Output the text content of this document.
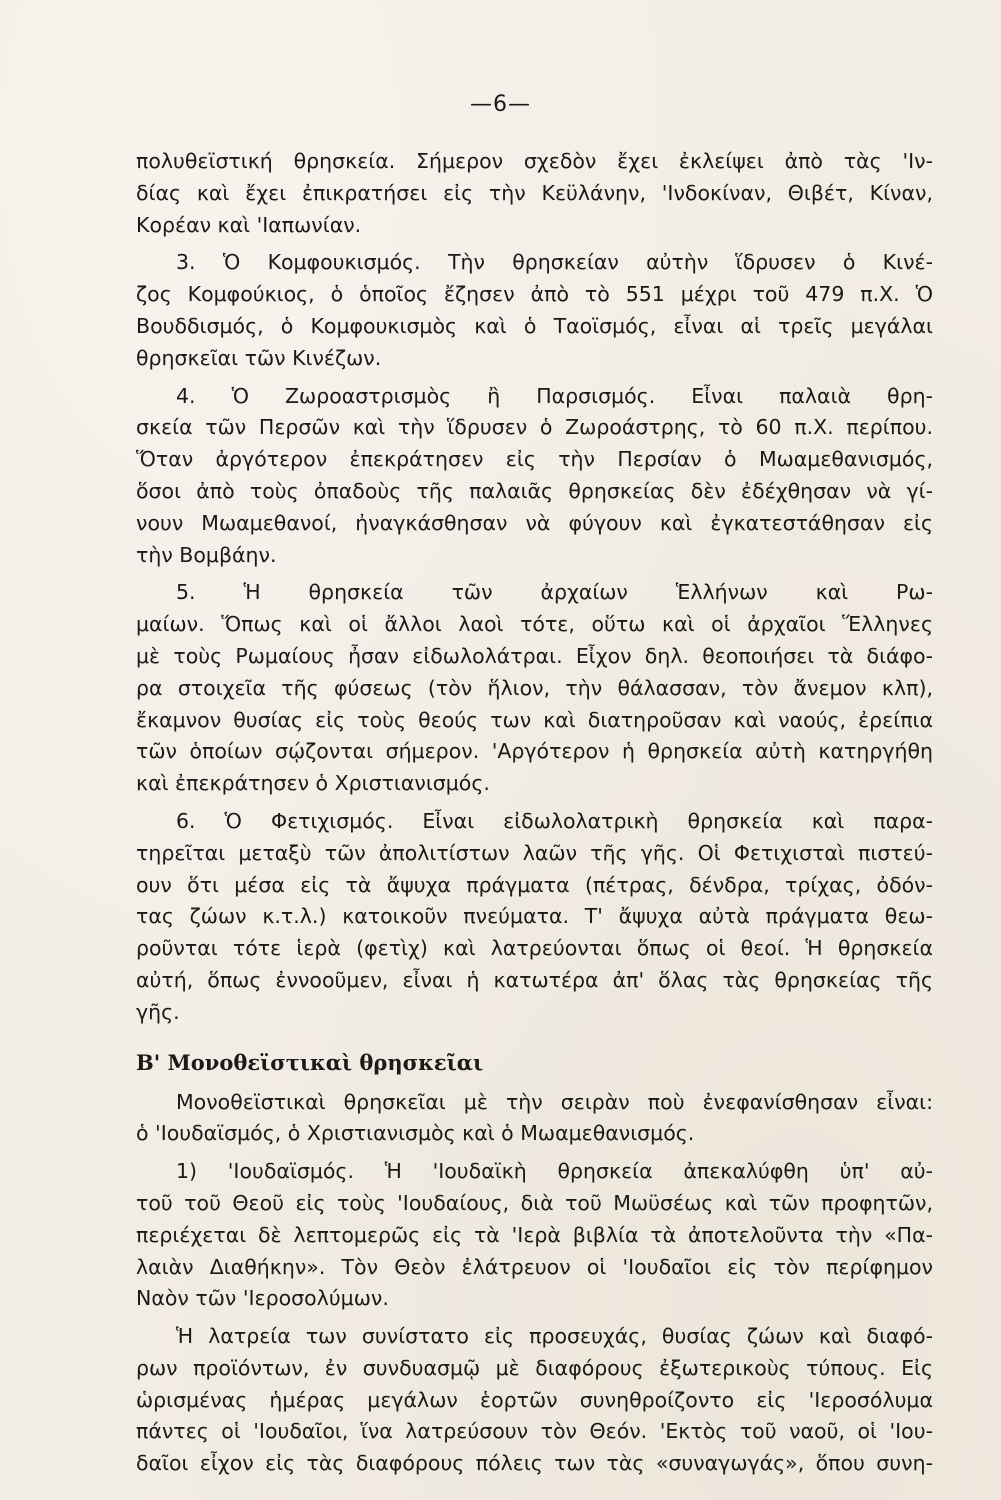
—6—
πολυθεϊστική θρησκεία. Σήμερον σχεδὸν ἔχει ἐκλείψει ἀπὸ τὰς 'Ιν-
δίας καὶ ἔχει ἐπικρατήσει εἰς τὴν Κεϋλάνην, 'Ινδοκίναν, Θιβέτ, Κίναν,
Κορέαν καὶ 'Ιαπωνίαν.
3. Ὁ Κομφουκισμός. Τὴν θρησκείαν αὐτὴν ἵδρυσεν ὁ Κινέ-
ζος Κομφούκιος, ὁ ὁποῖος ἔζησεν ἀπὸ τὸ 551 μέχρι τοῦ 479 π.Χ. Ὁ
Βουδδισμός, ὁ Κομφουκισμὸς καὶ ὁ Ταοϊσμός, εἶναι αἱ τρεῖς μεγάλαι
θρησκεῖαι τῶν Κινέζων.
4. Ὁ Ζωροαστρισμὸς ἢ Παρσισμός. Εἶναι παλαιὰ θρη-
σκεία τῶν Περσῶν καὶ τὴν ἵδρυσεν ὁ Ζωροάστρης, τὸ 60 π.Χ. περίπου.
Ὅταν ἀργότερον ἐπεκράτησεν εἰς τὴν Περσίαν ὁ Μωαμεθανισμός,
ὅσοι ἀπὸ τοὺς ὀπαδοὺς τῆς παλαιᾶς θρησκείας δὲν ἐδέχθησαν νὰ γί-
νουν Μωαμεθανοί, ἠναγκάσθησαν νὰ φύγουν καὶ ἐγκατεστάθησαν εἰς
τὴν Βομβάην.
5. Ἡ θρησκεία τῶν ἀρχαίων Ἑλλήνων καὶ Ρω-
μαίων. Ὅπως καὶ οἱ ἄλλοι λαοὶ τότε, οὕτω καὶ οἱ ἀρχαῖοι Ἕλληνες
μὲ τοὺς Ρωμαίους ἦσαν εἰδωλολάτραι. Εἶχον δηλ. θεοποιήσει τὰ διάφο-
ρα στοιχεῖα τῆς φύσεως (τὸν ἥλιον, τὴν θάλασσαν, τὸν ἄνεμον κλπ),
ἔκαμνον θυσίας εἰς τοὺς θεούς των καὶ διατηροῦσαν καὶ ναούς, ἐρείπια
τῶν ὁποίων σῴζονται σήμερον. 'Αργότερον ἡ θρησκεία αὐτὴ κατηργήθη
καὶ ἐπεκράτησεν ὁ Χριστιανισμός.
6. Ὁ Φετιχισμός. Εἶναι εἰδωλολατρικὴ θρησκεία καὶ παρα-
τηρεῖται μεταξὺ τῶν ἀπολιτίστων λαῶν τῆς γῆς. Οἱ Φετιχισταὶ πιστεύ-
ουν ὅτι μέσα εἰς τὰ ἄψυχα πράγματα (πέτρας, δένδρα, τρίχας, ὀδόν-
τας ζώων κ.τ.λ.) κατοικοῦν πνεύματα. Τ' ἄψυχα αὐτὰ πράγματα θεω-
ροῦνται τότε ἱερὰ (φετὶχ) καὶ λατρεύονται ὅπως οἱ θεοί. Ἡ θρησκεία
αὐτή, ὅπως ἐννοοῦμεν, εἶναι ἡ κατωτέρα ἀπ' ὅλας τὰς θρησκείας τῆς
γῆς.
Β' Μονοθεϊστικαὶ θρησκεῖαι
Μονοθεϊστικαὶ θρησκεῖαι μὲ τὴν σειρὰν ποὺ ἐνεφανίσθησαν εἶναι:
ὁ 'Ιουδαϊσμός, ὁ Χριστιανισμὸς καὶ ὁ Μωαμεθανισμός.
1) 'Ιουδαϊσμός. Ἡ 'Ιουδαϊκὴ θρησκεία ἀπεκαλύφθη ὑπ' αὐ-
τοῦ τοῦ Θεοῦ εἰς τοὺς 'Ιουδαίους, διὰ τοῦ Μωϋσέως καὶ τῶν προφητῶν,
περιέχεται δὲ λεπτομερῶς εἰς τὰ 'Ιερὰ βιβλία τὰ ἀποτελοῦντα τὴν «Πα-
λαιὰν Διαθήκην». Τὸν Θεὸν ἐλάτρευον οἱ 'Ιουδαῖοι εἰς τὸν περίφημον
Ναὸν τῶν 'Ιεροσολύμων.
Ἡ λατρεία των συνίστατο εἰς προσευχάς, θυσίας ζώων καὶ διαφό-
ρων προϊόντων, ἐν συνδυασμῷ μὲ διαφόρους ἐξωτερικοὺς τύπους. Εἰς
ὡρισμένας ἡμέρας μεγάλων ἑορτῶν συνηθροίζοντο εἰς 'Ιεροσόλυμα
πάντες οἱ 'Ιουδαῖοι, ἵνα λατρεύσουν τὸν Θεόν. 'Εκτὸς τοῦ ναοῦ, οἱ 'Ιου-
δαῖοι εἶχον εἰς τὰς διαφόρους πόλεις των τὰς «συναγωγάς», ὅπου συνη-
